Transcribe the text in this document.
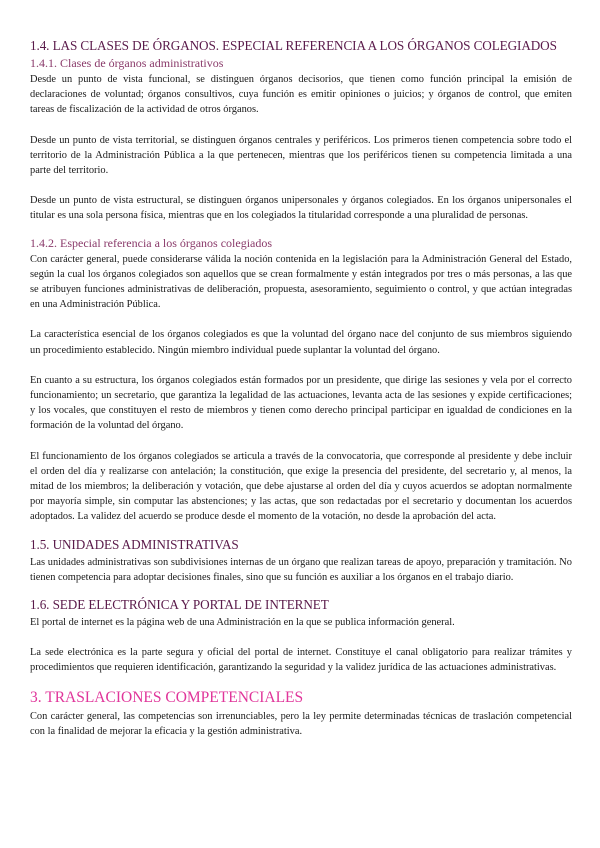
1.4. LAS CLASES DE ÓRGANOS. ESPECIAL REFERENCIA A LOS ÓRGANOS COLEGIADOS
1.4.1. Clases de órganos administrativos

Desde un punto de vista funcional, se distinguen órganos decisorios, que tienen como función principal la emisión de declaraciones de voluntad; órganos consultivos, cuya función es emitir opiniones o juicios; y órganos de control, que emiten tareas de fiscalización de la actividad de otros órganos.

Desde un punto de vista territorial, se distinguen órganos centrales y periféricos. Los primeros tienen competencia sobre todo el territorio de la Administración Pública a la que pertenecen, mientras que los periféricos tienen su competencia limitada a una parte del territorio.

Desde un punto de vista estructural, se distinguen órganos unipersonales y órganos colegiados. En los órganos unipersonales el titular es una sola persona física, mientras que en los colegiados la titularidad corresponde a una pluralidad de personas.

1.4.2. Especial referencia a los órganos colegiados

Con carácter general, puede considerarse válida la noción contenida en la legislación para la Administración General del Estado, según la cual los órganos colegiados son aquellos que se crean formalmente y están integrados por tres o más personas, a las que se atribuyen funciones administrativas de deliberación, propuesta, asesoramiento, seguimiento o control, y que actúan integradas en una Administración Pública.

La característica esencial de los órganos colegiados es que la voluntad del órgano nace del conjunto de sus miembros siguiendo un procedimiento establecido. Ningún miembro individual puede suplantar la voluntad del órgano.

En cuanto a su estructura, los órganos colegiados están formados por un presidente, que dirige las sesiones y vela por el correcto funcionamiento; un secretario, que garantiza la legalidad de las actuaciones, levanta acta de las sesiones y expide certificaciones; y los vocales, que constituyen el resto de miembros y tienen como derecho principal participar en igualdad de condiciones en la formación de la voluntad del órgano.

El funcionamiento de los órganos colegiados se articula a través de la convocatoria, que corresponde al presidente y debe incluir el orden del día y realizarse con antelación; la constitución, que exige la presencia del presidente, del secretario y, al menos, la mitad de los miembros; la deliberación y votación, que debe ajustarse al orden del día y cuyos acuerdos se adoptan normalmente por mayoría simple, sin computar las abstenciones; y las actas, que son redactadas por el secretario y documentan los acuerdos adoptados. La validez del acuerdo se produce desde el momento de la votación, no desde la aprobación del acta.

1.5. UNIDADES ADMINISTRATIVAS

Las unidades administrativas son subdivisiones internas de un órgano que realizan tareas de apoyo, preparación y tramitación. No tienen competencia para adoptar decisiones finales, sino que su función es auxiliar a los órganos en el trabajo diario.

1.6. SEDE ELECTRÓNICA Y PORTAL DE INTERNET

El portal de internet es la página web de una Administración en la que se publica información general.

La sede electrónica es la parte segura y oficial del portal de internet. Constituye el canal obligatorio para realizar trámites y procedimientos que requieren identificación, garantizando la seguridad y la validez jurídica de las actuaciones administrativas.

3. TRASLACIONES COMPETENCIALES

Con carácter general, las competencias son irrenunciables, pero la ley permite determinadas técnicas de traslación competencial con la finalidad de mejorar la eficacia y la gestión administrativa.
